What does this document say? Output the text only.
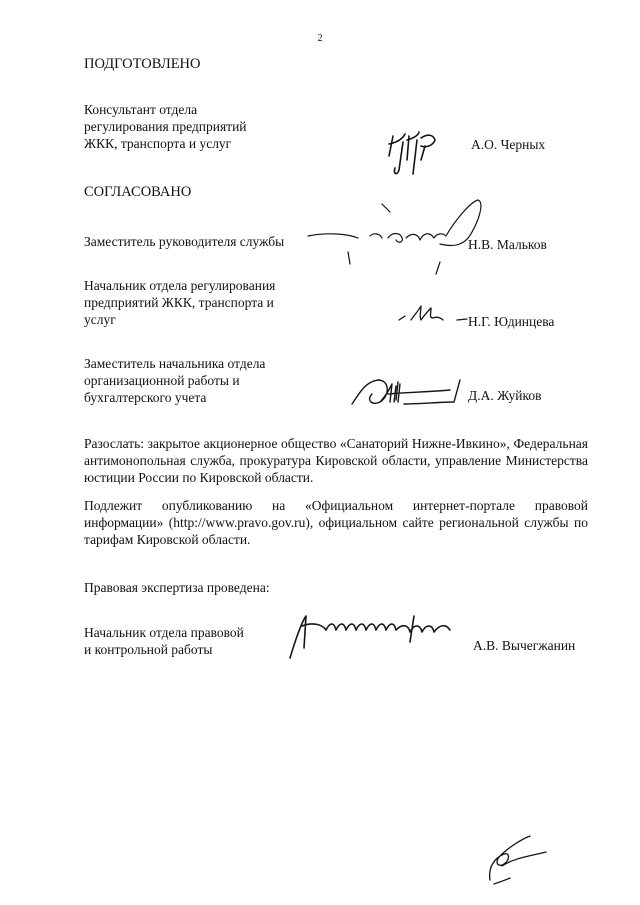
2
ПОДГОТОВЛЕНО
Консультант отдела
регулирования предприятий
ЖКК, транспорта и услуг	А.О. Черных
СОГЛАСОВАНО
Заместитель руководителя службы	Н.В. Мальков
Начальник отдела регулирования
предприятий ЖКК, транспорта и
услуг	Н.Г. Юдинцева
Заместитель начальника отдела
организационной работы и
бухгалтерского учета	Д.А. Жуйков
Разослать: закрытое акционерное общество «Санаторий Нижне-Ивкино», Федеральная антимонопольная служба, прокуратура Кировской области, управление Министерства юстиции России по Кировской области.
Подлежит опубликованию на «Официальном интернет-портале правовой информации» (http://www.pravo.gov.ru), официальном сайте региональной службы по тарифам Кировской области.
Правовая экспертиза проведена:
Начальник отдела правовой
и контрольной работы	А.В. Вычегжанин
